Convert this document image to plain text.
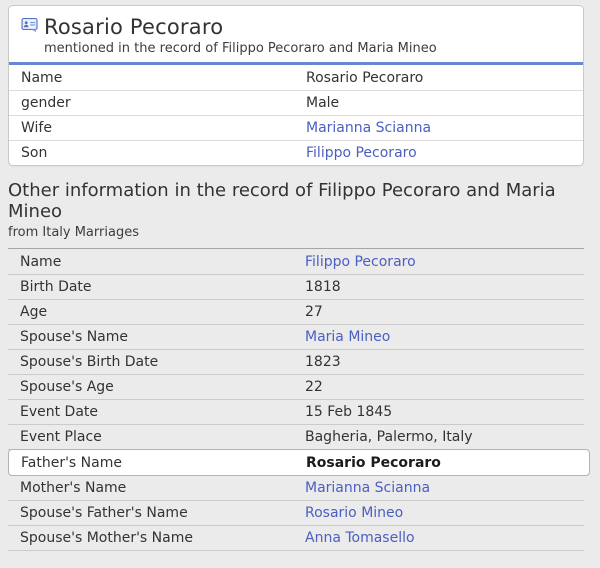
Rosario Pecoraro
mentioned in the record of Filippo Pecoraro and Maria Mineo
Name	Rosario Pecoraro
gender	Male
Wife	Marianna Scianna
Son	Filippo Pecoraro
Other information in the record of Filippo Pecoraro and Maria Mineo
from Italy Marriages
Name	Filippo Pecoraro
Birth Date	1818
Age	27
Spouse's Name	Maria Mineo
Spouse's Birth Date	1823
Spouse's Age	22
Event Date	15 Feb 1845
Event Place	Bagheria, Palermo, Italy
Father's Name	Rosario Pecoraro
Mother's Name	Marianna Scianna
Spouse's Father's Name	Rosario Mineo
Spouse's Mother's Name	Anna Tomasello
